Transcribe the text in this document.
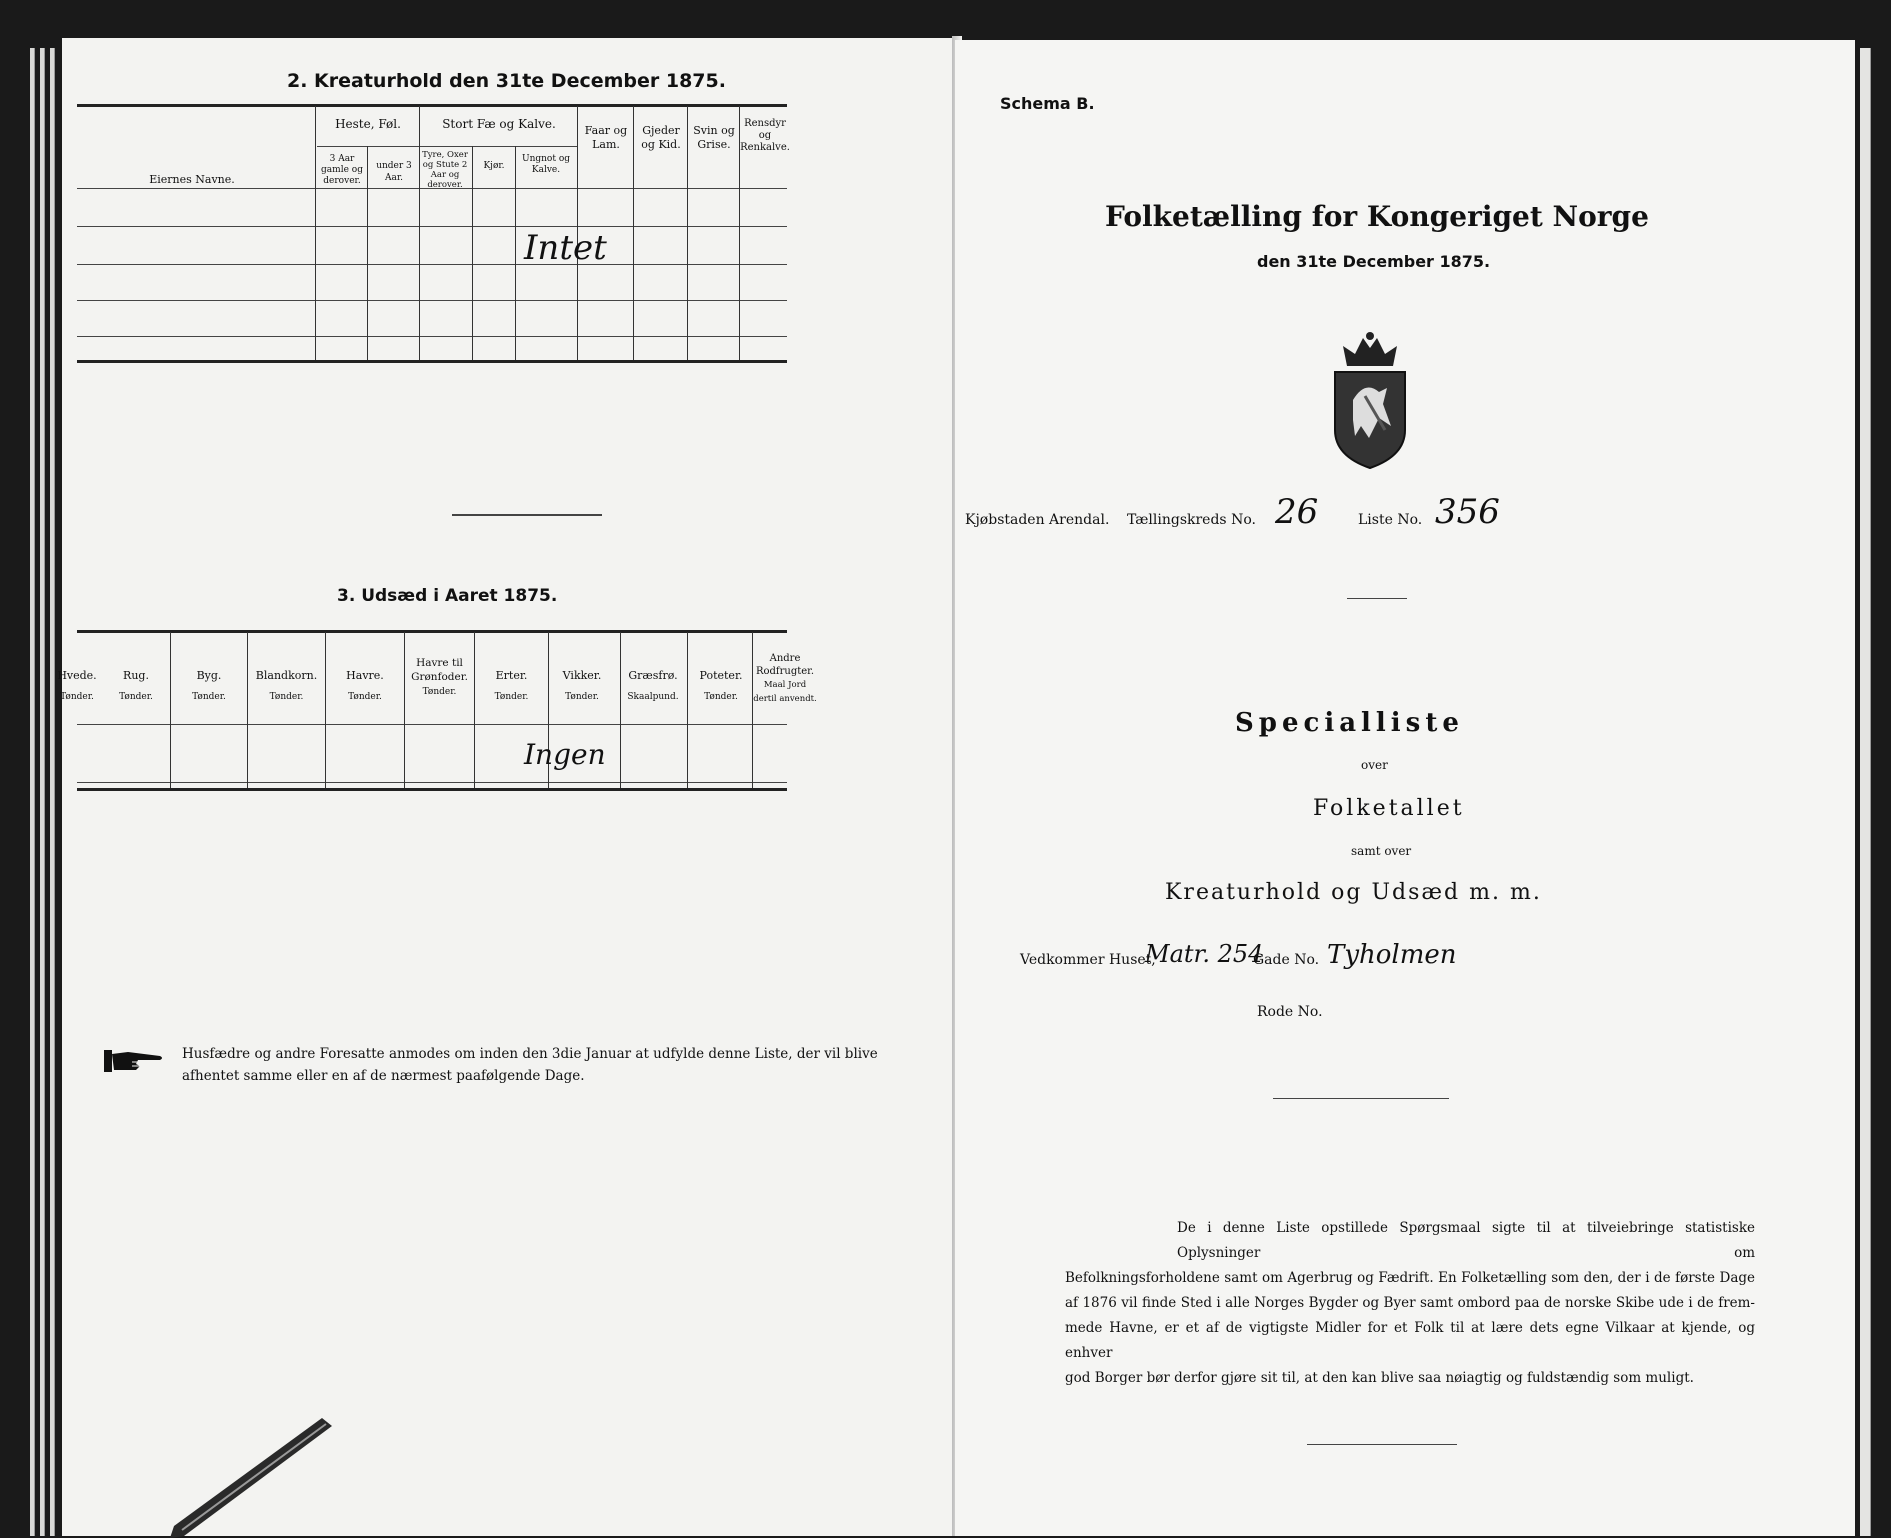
2. Kreaturhold den 31te December 1875.
Eiernes Navne.
Heste, Føl.
3 Aar gamle og derover.
under 3 Aar.
Stort Fæ og Kalve.
Tyre, Oxer og Stute 2 Aar og derover.
Kjør.
Ungnot og Kalve.
Faar og Lam.
Gjeder og Kid.
Svin og Grise.
Rensdyr og Renkalve.
Intet
3. Udsæd i Aaret 1875.
Hvede.
Tønder.
Rug.
Tønder.
Byg.
Tønder.
Blandkorn.
Tønder.
Havre.
Tønder.
Havre til Grønfoder.
Tønder.
Erter.
Tønder.
Vikker.
Tønder.
Græsfrø.
Skaalpund.
Andre Rodfrugter.
Maal Jord dertil anvendt.
Ingen
Husfædre og andre Foresatte anmodes om inden den 3die Januar at udfylde denne Liste, der vil blive
afhentet samme eller en af de nærmest paafølgende Dage.
Poteter.
Tønder.
Schema B.
Folketælling for Kongeriget Norge
den 31te December 1875.
Kjøbstaden Arendal. Tællingskreds No. 26	Liste No. 356
Specialliste
over
Folketallet
samt over
Kreaturhold og Udsæd m. m.
Vedkommer Huset,
Matr. 254
Gade No. Tyholmen
Rode No.
De i denne Liste opstillede Spørgsmaal sigte til at tilveiebringe statistiske Oplysninger om
Befolkningsforholdene samt om Agerbrug og Fædrift. En Folketælling som den, der i de første Dage
af 1876 vil finde Sted i alle Norges Bygder og Byer samt ombord paa de norske Skibe ude i de frem-
mede Havne, er et af de vigtigste Midler for et Folk til at lære dets egne Vilkaar at kjende, og enhver
god Borger bør derfor gjøre sit til, at den kan blive saa nøiagtig og fuldstændig som muligt.
